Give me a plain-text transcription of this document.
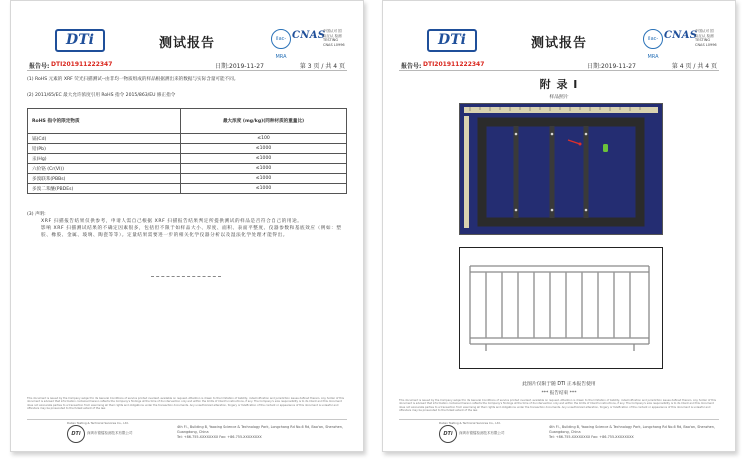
DTi	测试报告	ilac-MRA
CNAS
中国认可 国际互认 检测 TESTING CNAS L0996
报告号: DTI201911222347	日期:2019-11-27	第 3 页 / 共 4 页
(1) RoHS 元素的 XRF 荧光扫描测试--由非均一物质组成的样品根据测出来的数据与实际含量可能不同。
(2) 2011/65/EC 最大允许浓度引用 RoHS 指令 2015/863/EU 修正指令
RoHS 指令的限定物质	最大浓度 (mg/kg)(同种材质的重量比)
镉(Cd)	≤100
铅(Pb)	≤1000
汞(Hg)	≤1000
六价铬 (Cr(VI))	≤1000
多溴联苯(PBBs)	≤1000
多溴二苯醚(PBDEs)	≤1000
(3) 声明:
XRF 扫描报告结果仅供参考，申请人需自己根据 XRF 扫描报告结果判定所提供测试的样品是否符合自己的用途。
影响 XRF 扫描测试结果的不确定因素很多，包括但不限于如样品大小、厚度、面积、表面平整度、仪器参数和基底效应（例如：塑胶、橡胶、金属、玻璃、陶瓷等等）。定量结果需要进一步的相关化学仪器分析以及湿法化学处理才能得出。
This document is issued by the Company subject to its General Conditions of service printed overleaf, available on request. Attention is drawn to the limitation of liability, indemnification and jurisdiction issues defined therein. Any holder of this document is advised that information contained hereon reflects the Company's findings at the time of its intervention only and within the limits of Client's instructions, if any. The Company's sole responsibility is to its Client and this document does not exonerate parties to a transaction from exercising all their rights and obligations under the transaction documents. Any unauthorized alteration, forgery or falsification of the content or appearance of this document is unlawful and offenders may be prosecuted to the fullest extent of the law.
Dalian Testing & Technical Services Co., Ltd.
DTi	深圳市德镭检测技术有限公司
4th Fl., Building B, Yaoxing Science & Technology Park, Longchang Rd No.6 Rd, Bao'an, Shenzhen, Guangdong, China
Tel: +86-755-XXXXXXXX Fax: +86-755-XXXXXXXX
DTi	测试报告	ilac-MRA
CNAS
中国认可 国际互认 检测 TESTING CNAS L0996
报告号: DTI201911222347	日期:2019-11-27	第 4 页 / 共 4 页
附 录 I
样品照片
此图片仅限于随 DTI 正本报告使用
*** 报告结束 ***
This document is issued by the Company subject to its General Conditions of service printed overleaf, available on request. Attention is drawn to the limitation of liability, indemnification and jurisdiction issues defined therein. Any holder of this document is advised that information contained hereon reflects the Company's findings at the time of its intervention only and within the limits of Client's instructions, if any. The Company's sole responsibility is to its Client and this document does not exonerate parties to a transaction from exercising all their rights and obligations under the transaction documents. Any unauthorized alteration, forgery or falsification of the content or appearance of this document is unlawful and offenders may be prosecuted to the fullest extent of the law.
Dalian Testing & Technical Services Co., Ltd.
DTi	深圳市德镭检测技术有限公司
4th Fl., Building B, Yaoxing Science & Technology Park, Longchang Rd No.6 Rd, Bao'an, Shenzhen, Guangdong, China
Tel: +86-755-XXXXXXXX Fax: +86-755-XXXXXXXX
